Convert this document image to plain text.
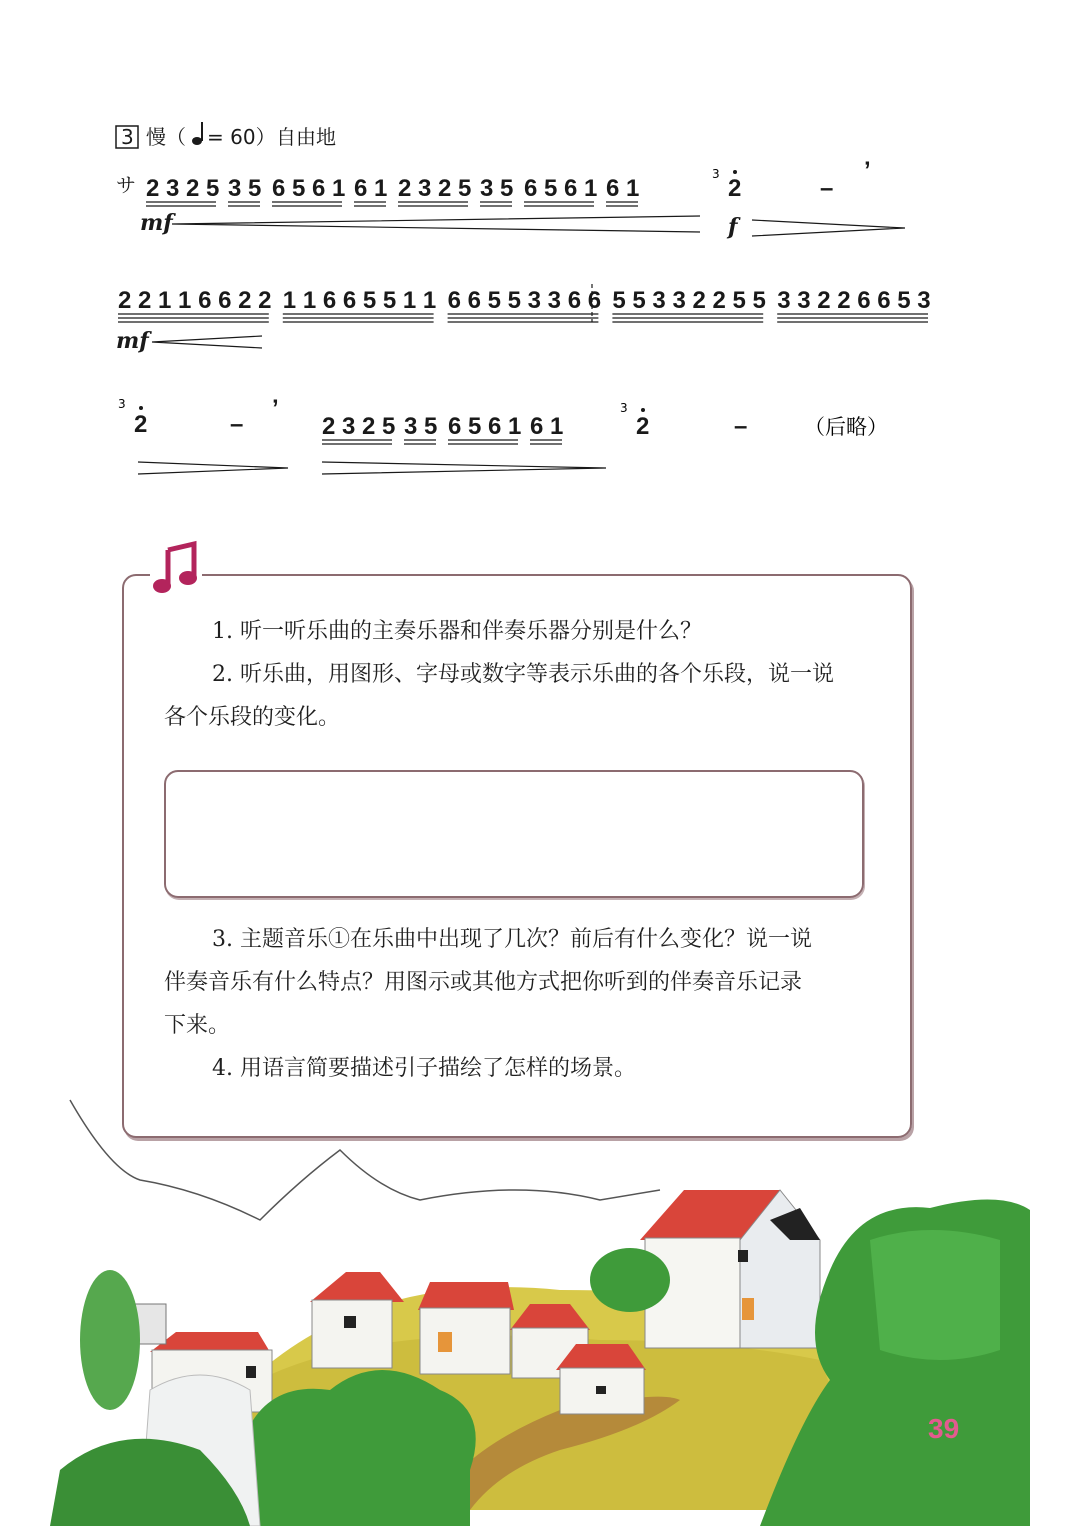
3 慢（ = 60） 自由地
サ 2 3 2 5 3 5 6 5 6 1 6 1 2 3 2 5 3 5 6 5 6 1 6 1	2
3
–
’
mf	f
2 2 1 1 6 6 2 2 1 1 6 6 5 5 1 1 6 6 5 5 3 3 6 6 5 5 3 3 2 2 5 5 3 3 2 2 6 6 5 3
mf
3
2	–
’
2 3 2 5 3 5 6 5 6 1 6 1
3
2	–	（后略）
1. 听一听乐曲的主奏乐器和伴奏乐器分别是什么？
2. 听乐曲，用图形、字母或数字等表示乐曲的各个乐段，说一说
各个乐段的变化。
3. 主题音乐①在乐曲中出现了几次？前后有什么变化？说一说
伴奏音乐有什么特点？用图示或其他方式把你听到的伴奏音乐记录
下来。
4. 用语言简要描述引子描绘了怎样的场景。
39
